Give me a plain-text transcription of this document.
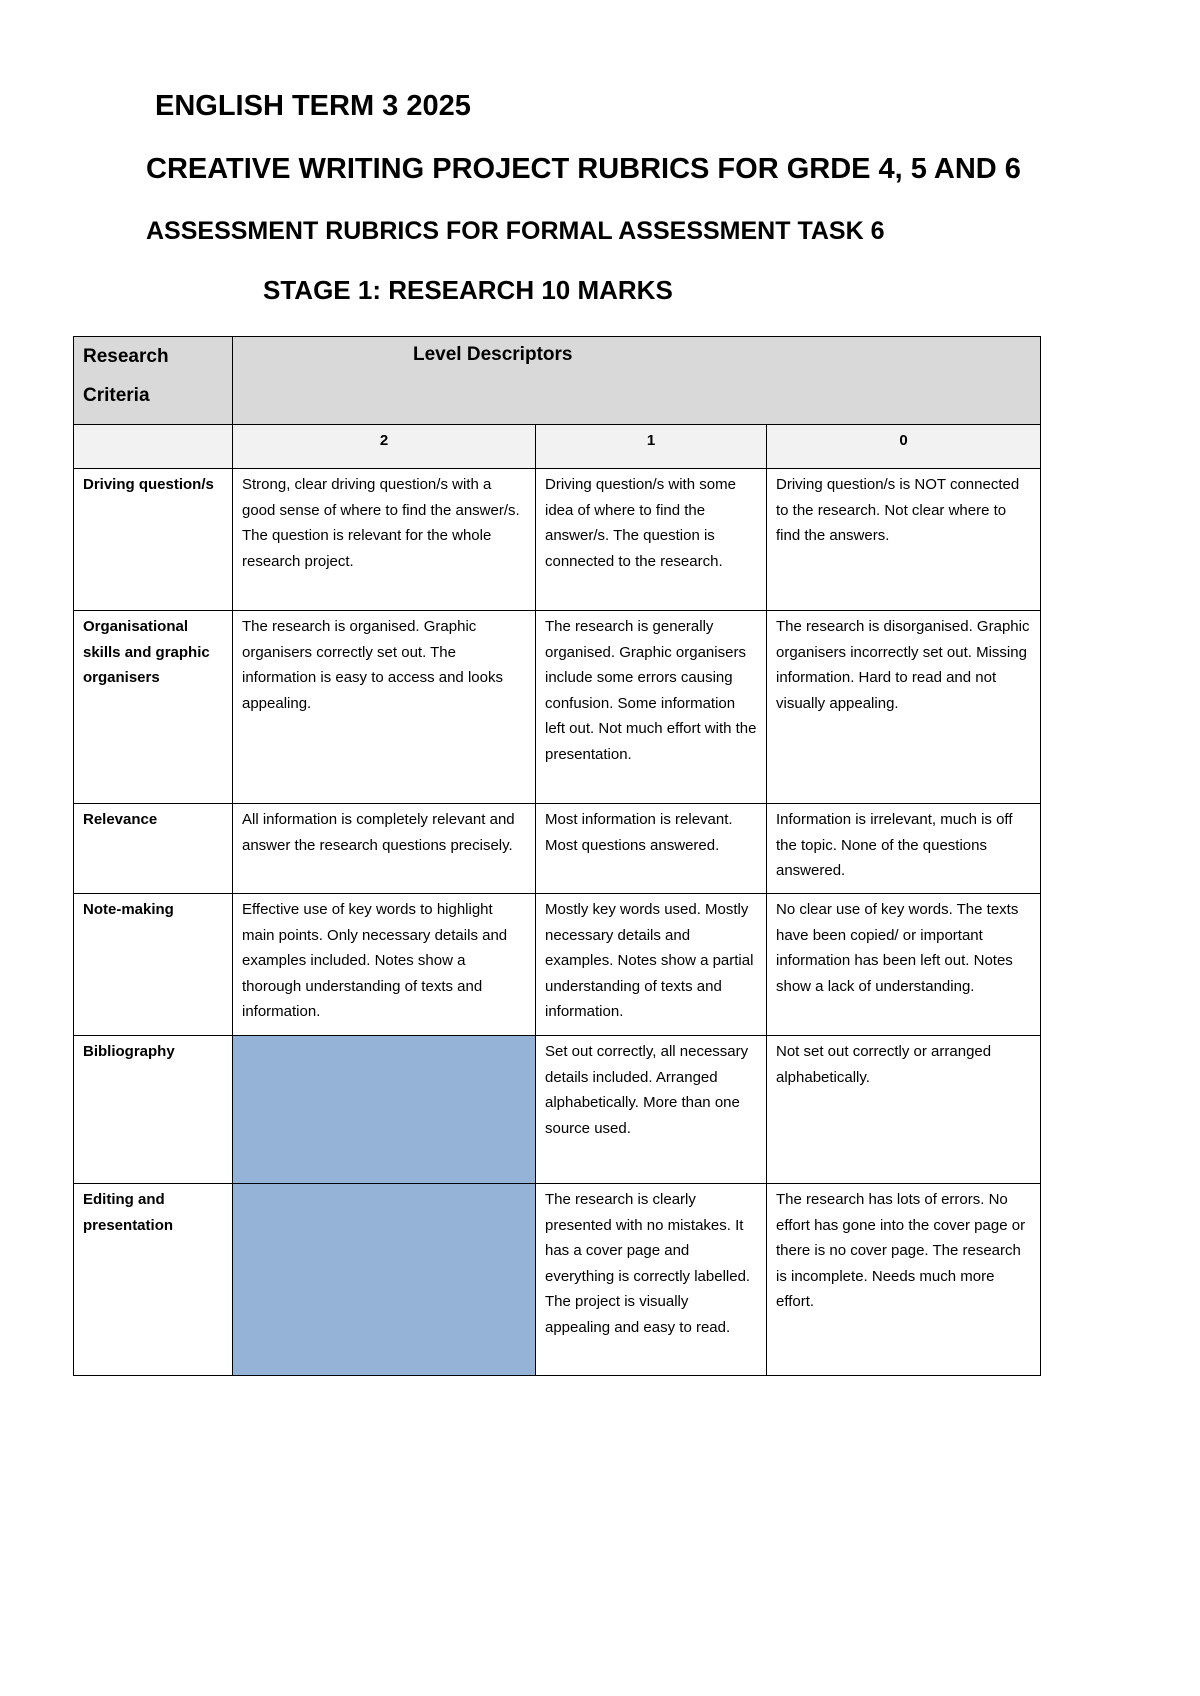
ENGLISH TERM 3 2025
CREATIVE WRITING PROJECT RUBRICS FOR GRDE 4, 5 AND 6
ASSESSMENT RUBRICS FOR FORMAL ASSESSMENT TASK 6
STAGE 1: RESEARCH 10 MARKS
Research Criteria	Level Descriptors		
	2	1	0
Driving question/s	Strong, clear driving question/s with a good sense of where to find the answer/s. The question is relevant for the whole research project.	Driving question/s with some idea of where to find the answer/s. The question is connected to the research.	Driving question/s is NOT connected to the research. Not clear where to find the answers.
Organisational skills and graphic organisers	The research is organised. Graphic organisers correctly set out. The information is easy to access and looks appealing.	The research is generally organised. Graphic organisers include some errors causing confusion. Some information left out. Not much effort with the presentation.	The research is disorganised. Graphic organisers incorrectly set out. Missing information. Hard to read and not visually appealing.
Relevance	All information is completely relevant and answer the research questions precisely.	Most information is relevant. Most questions answered.	Information is irrelevant, much is off the topic. None of the questions answered.
Note-making	Effective use of key words to highlight main points. Only necessary details and examples included. Notes show a thorough understanding of texts and information.	Mostly key words used. Mostly necessary details and examples. Notes show a partial understanding of texts and information.	No clear use of key words. The texts have been copied/ or important information has been left out. Notes show a lack of understanding.
Bibliography		Set out correctly, all necessary details included. Arranged alphabetically. More than one source used.	Not set out correctly or arranged alphabetically.
Editing and presentation		The research is clearly presented with no mistakes. It has a cover page and everything is correctly labelled. The project is visually appealing and easy to read.	The research has lots of errors. No effort has gone into the cover page or there is no cover page. The research is incomplete. Needs much more effort.
